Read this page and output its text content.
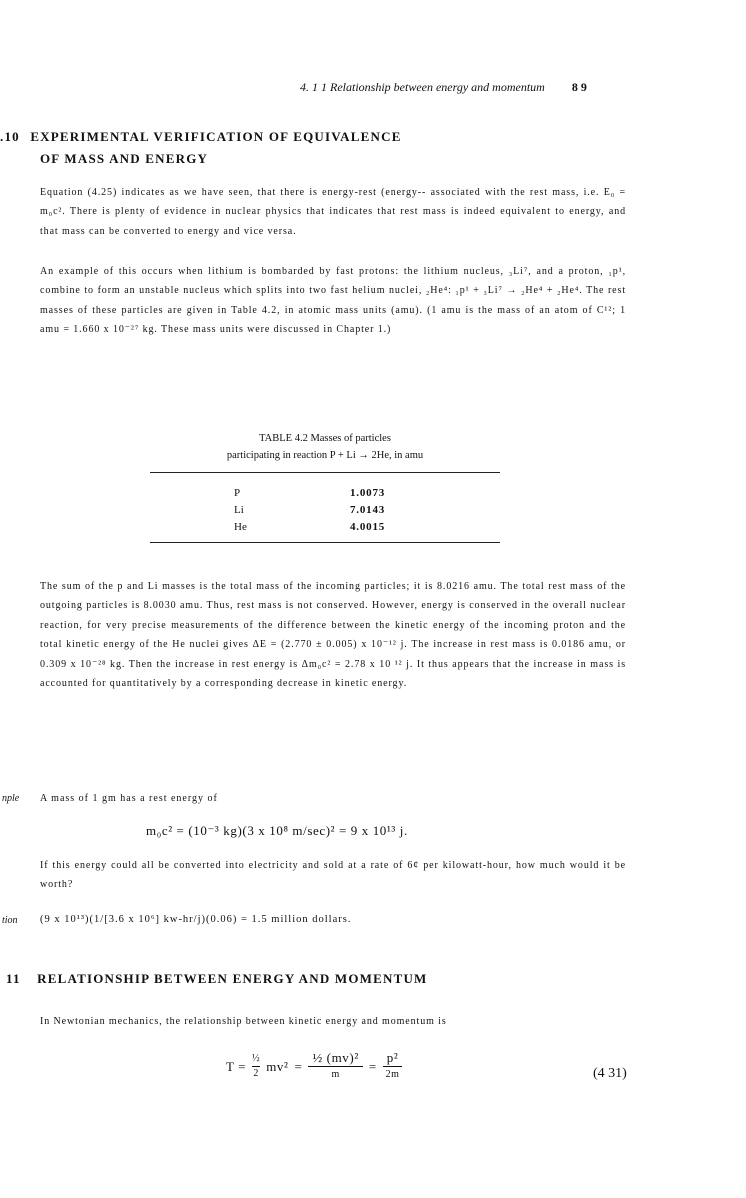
4. 1 1 Relationship between energy and momentum 8 9
.10 EXPERIMENTAL VERIFICATION OF EQUIVALENCE
OF MASS AND ENERGY

Equation (4.25) indicates as we have seen, that there is energy-rest (energy-- associated with the rest mass, i.e. E₀ = m₀c². There is plenty of evidence in nuclear physics that indicates that rest mass is indeed equivalent to energy, and that mass can be converted to energy and vice versa.

An example of this occurs when lithium is bombarded by fast protons: the lithium nucleus, ₃Li⁷, and a proton, ₁p¹, combine to form an unstable nucleus which splits into two fast helium nuclei, ₂He⁴: ₁p¹ + ₃Li⁷ → ₂He⁴ + ₂He⁴. The rest masses of these particles are given in Table 4.2, in atomic mass units (amu). (1 amu is the mass of an atom of C¹²; 1 amu = 1.660 x 10⁻²⁷ kg. These mass units were discussed in Chapter 1.)

TABLE 4.2 Masses of particles
participating in reaction P + Li → 2He, in amu
P	1.0073
Li	7.0143
He	4.0015

The sum of the p and Li masses is the total mass of the incoming particles; it is 8.0216 amu. The total rest mass of the outgoing particles is 8.0030 amu. Thus, rest mass is not conserved. However, energy is conserved in the overall nuclear reaction, for very precise measurements of the difference between the kinetic energy of the incoming proton and the total kinetic energy of the He nuclei gives ΔE = (2.770 ± 0.005) x 10⁻¹² j. The increase in rest mass is 0.0186 amu, or 0.309 x 10⁻²⁸ kg. Then the increase in rest energy is Δm₀c² = 2.78 x 10 ¹² j. It thus appears that the increase in mass is accounted for quantitatively by a corresponding decrease in kinetic energy.

nple A mass of 1 gm has a rest energy of
m₀c² = (10⁻³ kg)(3 x 10⁸ m/sec)² = 9 x 10¹³ j.

If this energy could all be converted into electricity and sold at a rate of 6¢ per kilowatt-hour, how much would it be worth?

tion (9 x 10¹³)(1/[3.6 x 10⁶] kw-hr/j)(0.06) = 1.5 million dollars.
11 RELATIONSHIP BETWEEN ENERGY AND MOMENTUM

In Newtonian mechanics, the relationship between kinetic energy and momentum is

$T = \frac{\text{½}}{2} mv^2 = \frac{\text{½ (mv)²}}{m} = \frac{\text{p²}}{2m}$	(4 31)
